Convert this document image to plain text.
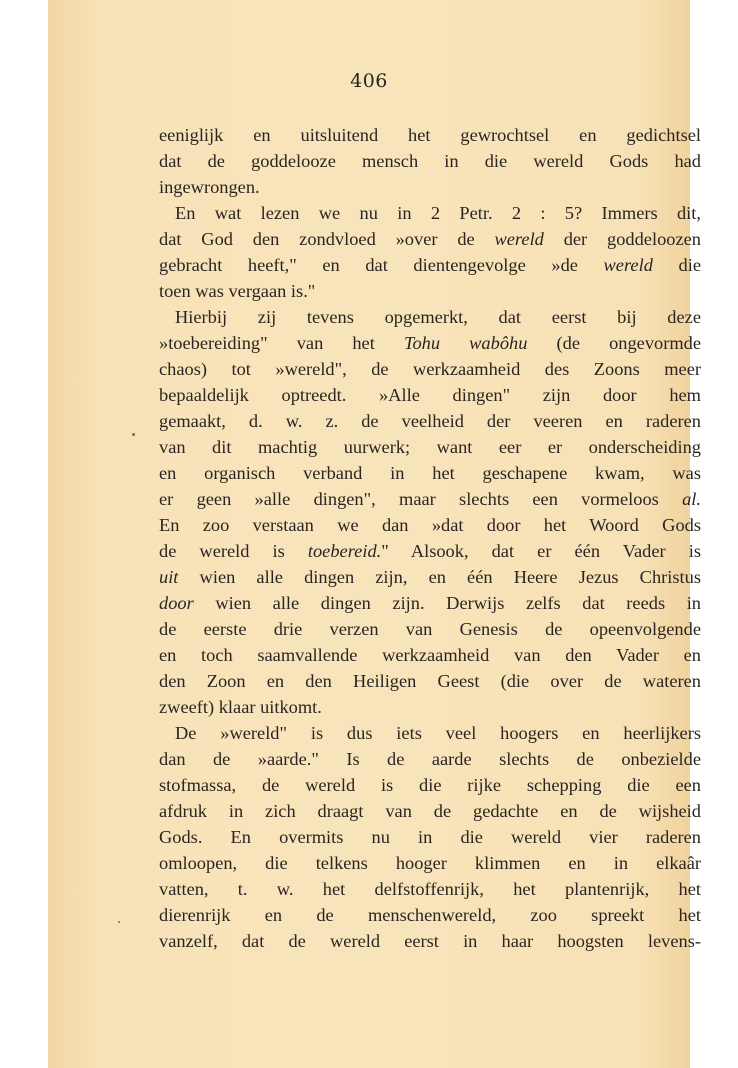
406
eeniglijk en uitsluitend het gewrochtsel en gedichtsel
dat de goddelooze mensch in die wereld Gods had
ingewrongen.
En wat lezen we nu in 2 Petr. 2 : 5? Immers dit,
dat God den zondvloed »over de wereld der goddeloozen
gebracht heeft," en dat dientengevolge »de wereld die
toen was vergaan is."
Hierbij zij tevens opgemerkt, dat eerst bij deze
»toebereiding" van het Tohu wabôhu (de ongevormde
chaos) tot »wereld", de werkzaamheid des Zoons meer
bepaaldelijk optreedt. »Alle dingen" zijn door hem
gemaakt, d. w. z. de veelheid der veeren en raderen
van dit machtig uurwerk; want eer er onderscheiding
en organisch verband in het geschapene kwam, was
er geen »alle dingen", maar slechts een vormeloos al.
En zoo verstaan we dan »dat door het Woord Gods
de wereld is toebereid." Alsook, dat er één Vader is
uit wien alle dingen zijn, en één Heere Jezus Christus
door wien alle dingen zijn. Derwijs zelfs dat reeds in
de eerste drie verzen van Genesis de opeenvolgende
en toch saamvallende werkzaamheid van den Vader en
den Zoon en den Heiligen Geest (die over de wateren
zweeft) klaar uitkomt.
De »wereld" is dus iets veel hoogers en heerlijkers
dan de »aarde." Is de aarde slechts de onbezielde
stofmassa, de wereld is die rijke schepping die een
afdruk in zich draagt van de gedachte en de wijsheid
Gods. En overmits nu in die wereld vier raderen
omloopen, die telkens hooger klimmen en in elkaâr
vatten, t. w. het delfstoffenrijk, het plantenrijk, het
dierenrijk en de menschenwereld, zoo spreekt het
vanzelf, dat de wereld eerst in haar hoogsten levens-
